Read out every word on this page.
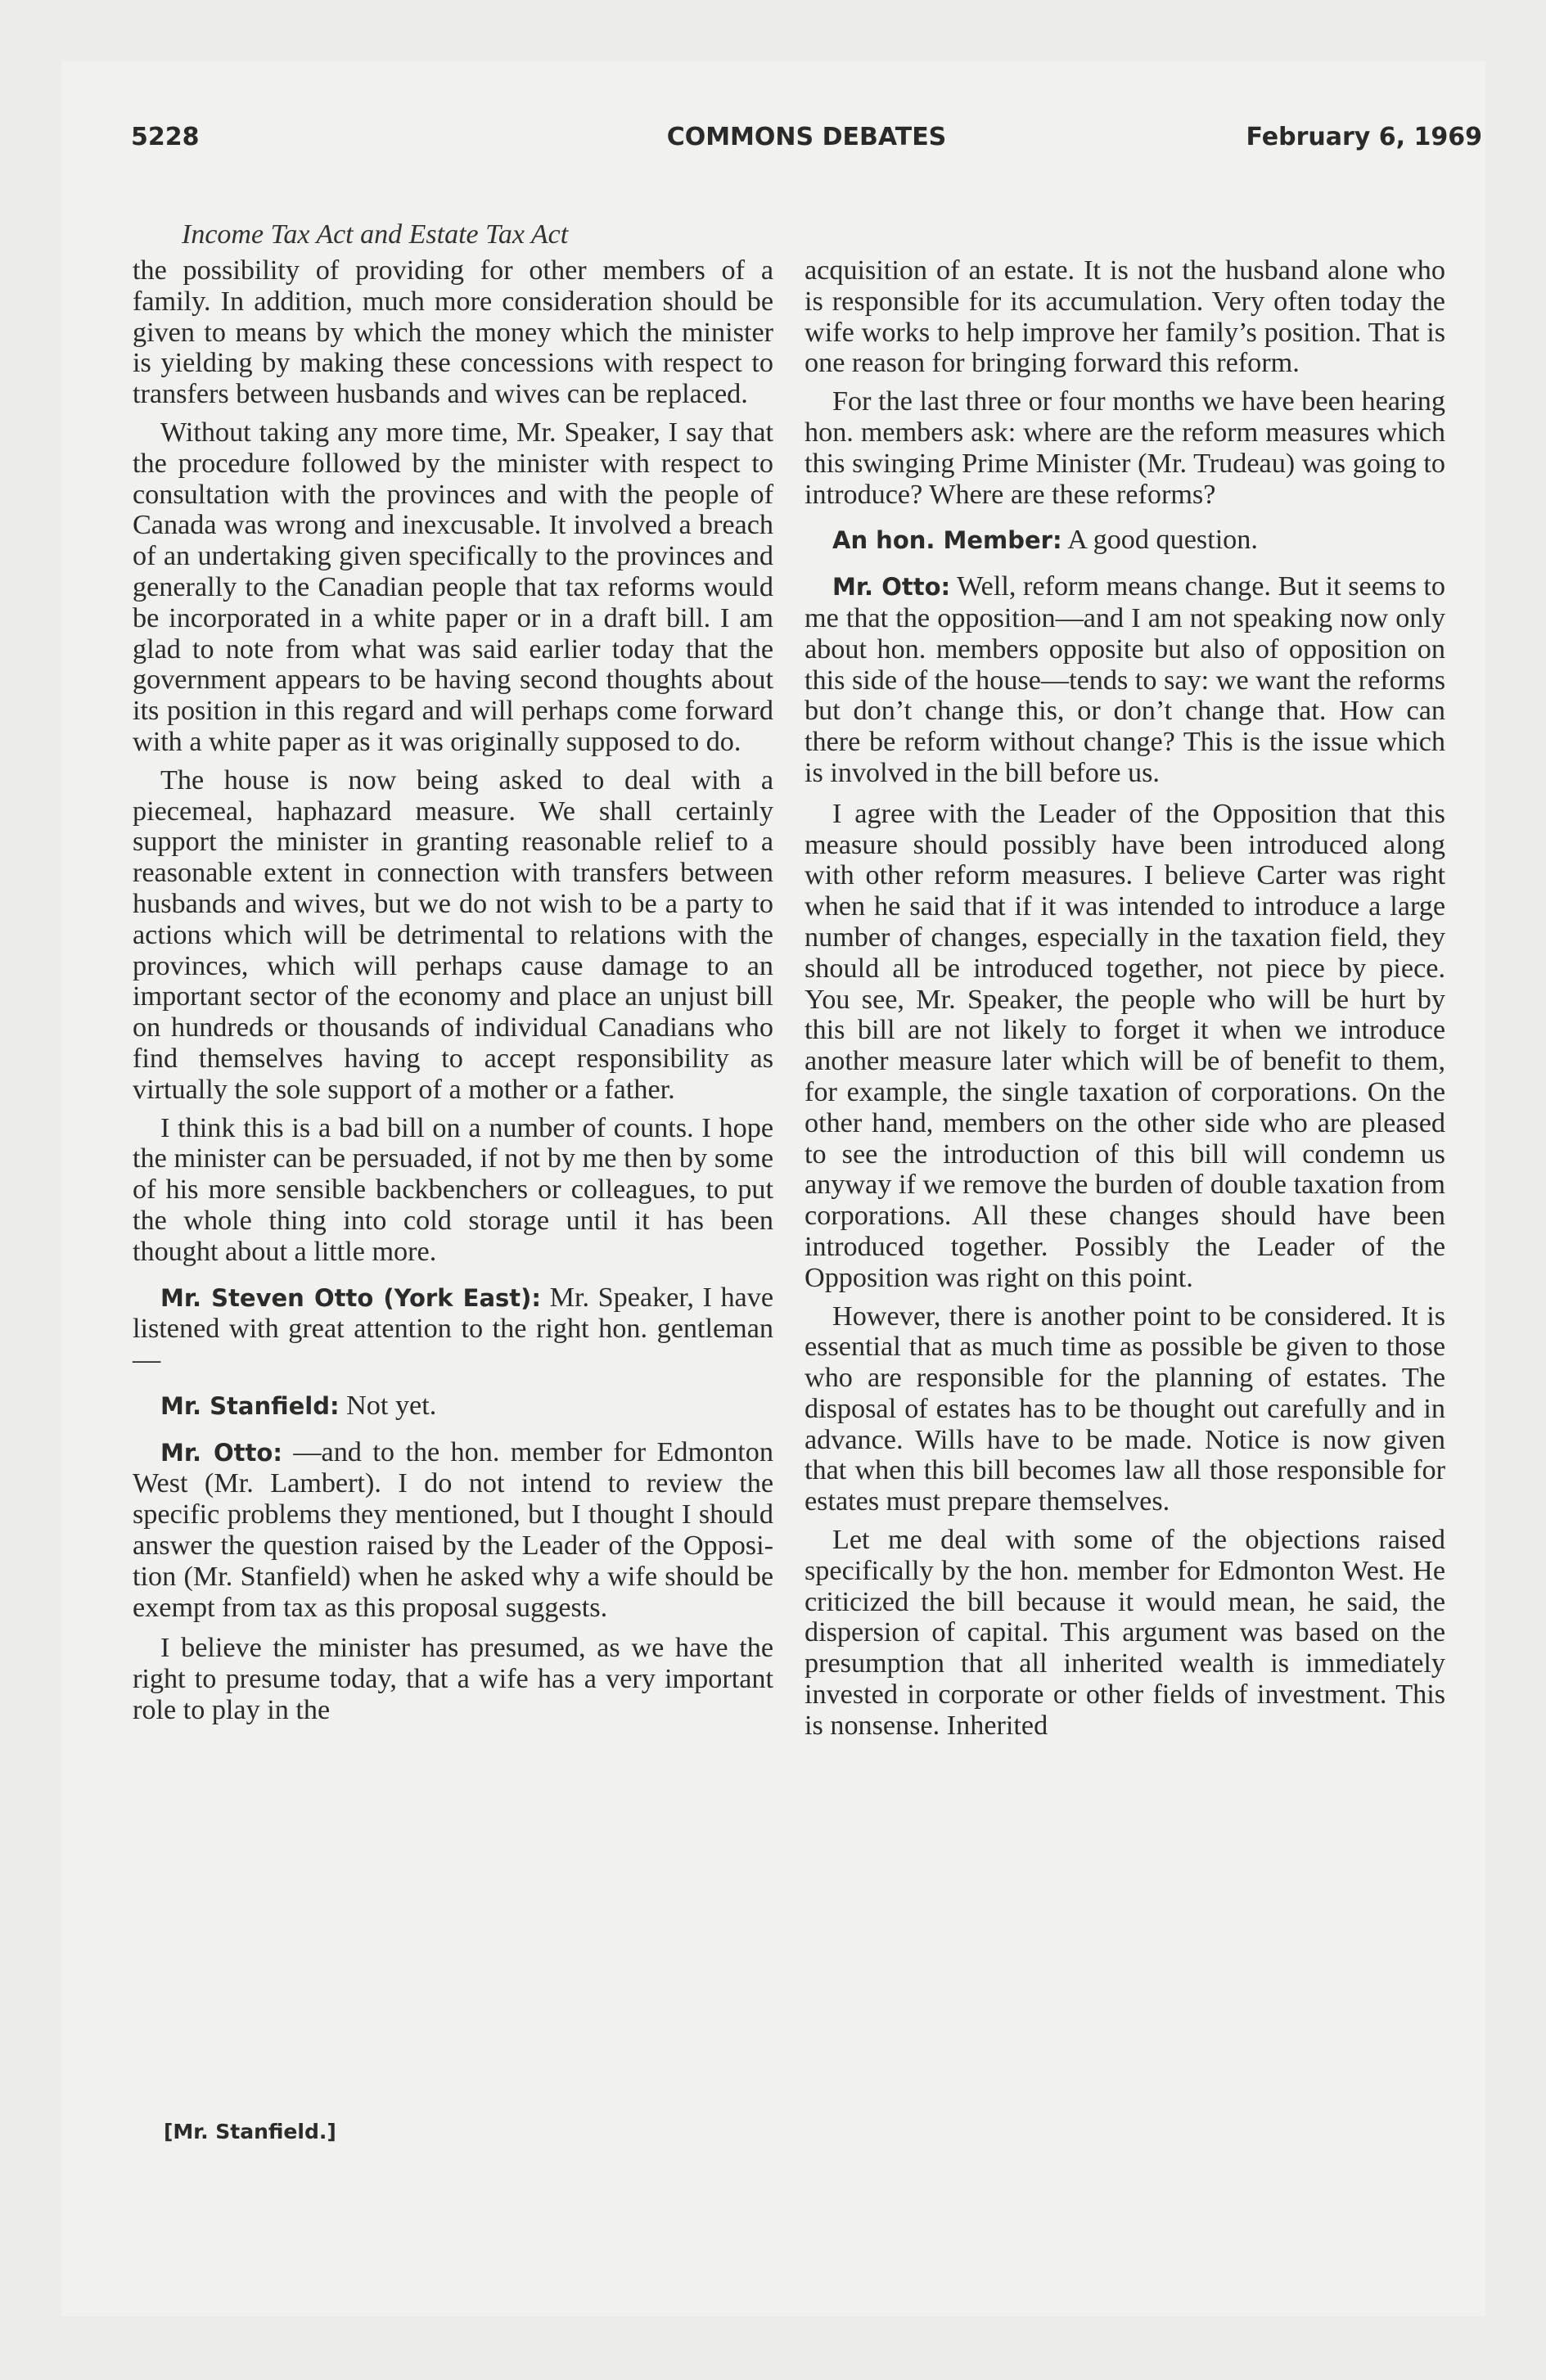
5228	COMMONS DEBATES	February 6, 1969
Income Tax Act and Estate Tax Act

the possibility of providing for other members of a family. In addition, much more consideration should be given to means by which the money which the minister is yielding by making these concessions with respect to transfers between husbands and wives can be replaced.

Without taking any more time, Mr. Speaker, I say that the procedure followed by the minister with respect to consultation with the provinces and with the people of Canada was wrong and inexcusable. It involved a breach of an undertaking given specifically to the provinces and generally to the Canadian people that tax reforms would be incorporated in a white paper or in a draft bill. I am glad to note from what was said earlier today that the government appears to be having second thoughts about its position in this regard and will perhaps come forward with a white paper as it was originally supposed to do.

The house is now being asked to deal with a piecemeal, haphazard measure. We shall certainly support the minister in granting reasonable relief to a reasonable extent in connection with transfers between husbands and wives, but we do not wish to be a party to actions which will be detrimental to relations with the provinces, which will perhaps cause damage to an important sector of the economy and place an unjust bill on hundreds or thousands of individual Canadians who find themselves having to accept responsibility as virtually the sole support of a mother or a father.

I think this is a bad bill on a number of counts. I hope the minister can be persuaded, if not by me then by some of his more sensible backbenchers or colleagues, to put the whole thing into cold storage until it has been thought about a little more.

Mr. Steven Otto (York East): Mr. Speaker, I have listened with great attention to the right hon. gentleman—

Mr. Stanfield: Not yet.

Mr. Otto: —and to the hon. member for Edmonton West (Mr. Lambert). I do not intend to review the specific problems they mentioned, but I thought I should answer the question raised by the Leader of the Opposition (Mr. Stanfield) when he asked why a wife should be exempt from tax as this proposal suggests.

I believe the minister has presumed, as we have the right to presume today, that a wife has a very important role to play in the

acquisition of an estate. It is not the husband alone who is responsible for its accumulation. Very often today the wife works to help improve her family’s position. That is one reason for bringing forward this reform.

For the last three or four months we have been hearing hon. members ask: where are the reform measures which this swinging Prime Minister (Mr. Trudeau) was going to introduce? Where are these reforms?

An hon. Member: A good question.

Mr. Otto: Well, reform means change. But it seems to me that the opposition—and I am not speaking now only about hon. members opposite but also of opposition on this side of the house—tends to say: we want the reforms but don’t change this, or don’t change that. How can there be reform without change? This is the issue which is involved in the bill before us.

I agree with the Leader of the Opposition that this measure should possibly have been introduced along with other reform measures. I believe Carter was right when he said that if it was intended to introduce a large number of changes, especially in the taxation field, they should all be introduced together, not piece by piece. You see, Mr. Speaker, the people who will be hurt by this bill are not likely to forget it when we introduce another measure later which will be of benefit to them, for example, the single taxation of corporations. On the other hand, members on the other side who are pleased to see the introduction of this bill will condemn us anyway if we remove the burden of double taxation from corporations. All these changes should have been introduced together. Possibly the Leader of the Opposition was right on this point.

However, there is another point to be considered. It is essential that as much time as possible be given to those who are responsible for the planning of estates. The disposal of estates has to be thought out carefully and in advance. Wills have to be made. Notice is now given that when this bill becomes law all those responsible for estates must prepare themselves.

Let me deal with some of the objections raised specifically by the hon. member for Edmonton West. He criticized the bill because it would mean, he said, the dispersion of capital. This argument was based on the presumption that all inherited wealth is immediately invested in corporate or other fields of investment. This is nonsense. Inherited

[Mr. Stanfield.]
